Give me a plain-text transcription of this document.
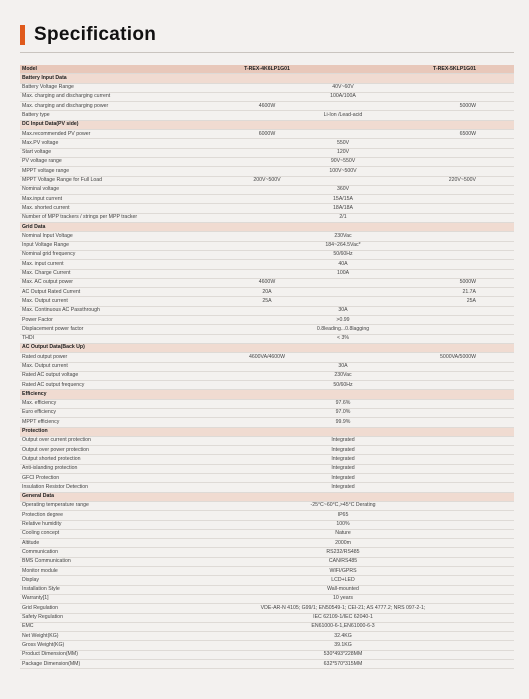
Specification
Model	T-REX-4K6LP1G01	T-REX-5KLP1G01
Battery Input Data
Battery Voltage Range	40V~60V
Max. charging and discharging current	100A/100A
Max. charging and discharging power	4600W	5000W
Battery type	Li-Ion /Lead-acid
DC Input Data(PV side)
Max.recommended PV power	6000W	6500W
Max.PV voltage	550V
Start voltage	120V
PV voltage range	90V~550V
MPPT voltage range	100V~500V
MPPT Voltage Range for Full Load	200V~500V	220V~500V
Nominal voltage	360V
Max.input current	15A/15A
Max. shorted current	18A/18A
Number of MPP trackers / strings per MPP tracker	2/1
Grid Data
Nominal Input Voltage	230Vac
Input Voltage Range	184~264.5Vac*
Nominal grid frequency	50/60Hz
Max. input current	40A
Max. Charge Current	100A
Max. AC output power	4600W	5000W
AC Output Rated Current	20A	21.7A
Max. Output current	25A	25A
Max. Continuous AC Passthrough	30A
Power Factor	>0.99
Displacement power factor	0.8leading...0.8lagging
THDI	< 3%
AC Output Data(Back Up)
Rated output power	4600VA/4600W	5000VA/5000W
Max. Output current	30A
Rated AC output voltage	230Vac
Rated AC output frequency	50/60Hz
Efficiency
Max. efficiency	97.6%
Euro efficiency	97.0%
MPPT efficiency	99.9%
Protection
Output over current protection	Integrated
Output over power protection	Integrated
Output shorted protection	Integrated
Anti-islanding protection	Integrated
GFCI Protection	Integrated
Insulation Resistor Detection	Integrated
General Data
Operating temperature range	-25°C~60°C,>45°C Derating
Protection degree	IP65
Relative humidity	100%
Cooling concept	Nature
Altitude	2000m
Communication	RS232/RS485
BMS Communication	CAN/RS485
Monitor module	WIFI/GPRS
Display	LCD+LED
Installation Style	Wall-mounted
Warranty[1]	10 years
Grid Regulation	VDE-AR-N 4105; G99/1; EN50549-1; CEI-21; AS 4777.2; NRS 097-2-1;
Safety Regulation	IEC 62109-1/IEC 62040-1
EMC	EN61000-6-1,EN61000-6-3
Net Weight(KG)	32.4KG
Gross Weight(KG)	39.1KG
Product Dimension(MM)	530*493*228MM
Package Dimension(MM)	632*570*315MM
